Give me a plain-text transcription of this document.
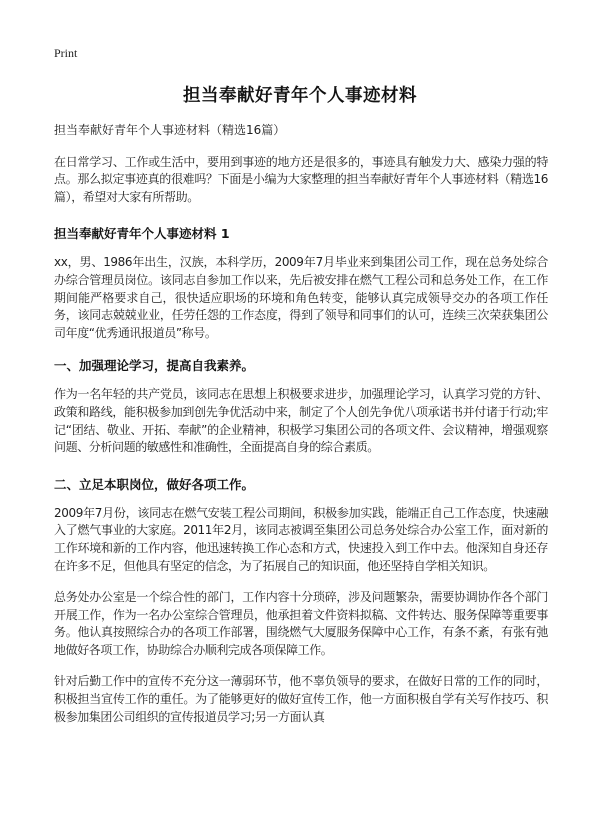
Print
担当奉献好青年个人事迹材料

担当奉献好青年个人事迹材料（精选16篇）

在日常学习、工作或生活中，要用到事迹的地方还是很多的，事迹具有触发力大、感染力强的特点。那么拟定事迹真的很难吗？下面是小编为大家整理的担当奉献好青年个人事迹材料（精选16篇），希望对大家有所帮助。

担当奉献好青年个人事迹材料 1

xx，男、1986年出生，汉族，本科学历，2009年7月毕业来到集团公司工作，现在总务处综合办综合管理员岗位。该同志自参加工作以来，先后被安排在燃气工程公司和总务处工作，在工作期间能严格要求自己，很快适应职场的环境和角色转变，能够认真完成领导交办的各项工作任务，该同志兢兢业业，任劳任怨的工作态度，得到了领导和同事们的认可，连续三次荣获集团公司年度“优秀通讯报道员”称号。

一、加强理论学习，提高自我素养。

作为一名年轻的共产党员，该同志在思想上积极要求进步，加强理论学习，认真学习党的方针、政策和路线，能积极参加到创先争优活动中来，制定了个人创先争优八项承诺书并付诸于行动;牢记“团结、敬业、开拓、奉献”的企业精神，积极学习集团公司的各项文件、会议精神，增强观察问题、分析问题的敏感性和准确性，全面提高自身的综合素质。

二、立足本职岗位，做好各项工作。

2009年7月份，该同志在燃气安装工程公司期间，积极参加实践，能端正自己工作态度，快速融入了燃气事业的大家庭。2011年2月，该同志被调至集团公司总务处综合办公室工作，面对新的工作环境和新的工作内容，他迅速转换工作心态和方式，快速投入到工作中去。他深知自身还存在许多不足，但他具有坚定的信念，为了拓展自己的知识面，他还坚持自学相关知识。

总务处办公室是一个综合性的部门，工作内容十分琐碎，涉及问题繁杂，需要协调协作各个部门开展工作，作为一名办公室综合管理员，他承担着文件资料拟稿、文件转达、服务保障等重要事务。他认真按照综合办的各项工作部署，围绕燃气大厦服务保障中心工作，有条不紊，有张有弛地做好各项工作，协助综合办顺利完成各项保障工作。

针对后勤工作中的宣传不充分这一薄弱环节，他不辜负领导的要求，在做好日常的工作的同时，积极担当宣传工作的重任。为了能够更好的做好宣传工作，他一方面积极自学有关写作技巧、积极参加集团公司组织的宣传报道员学习;另一方面认真
